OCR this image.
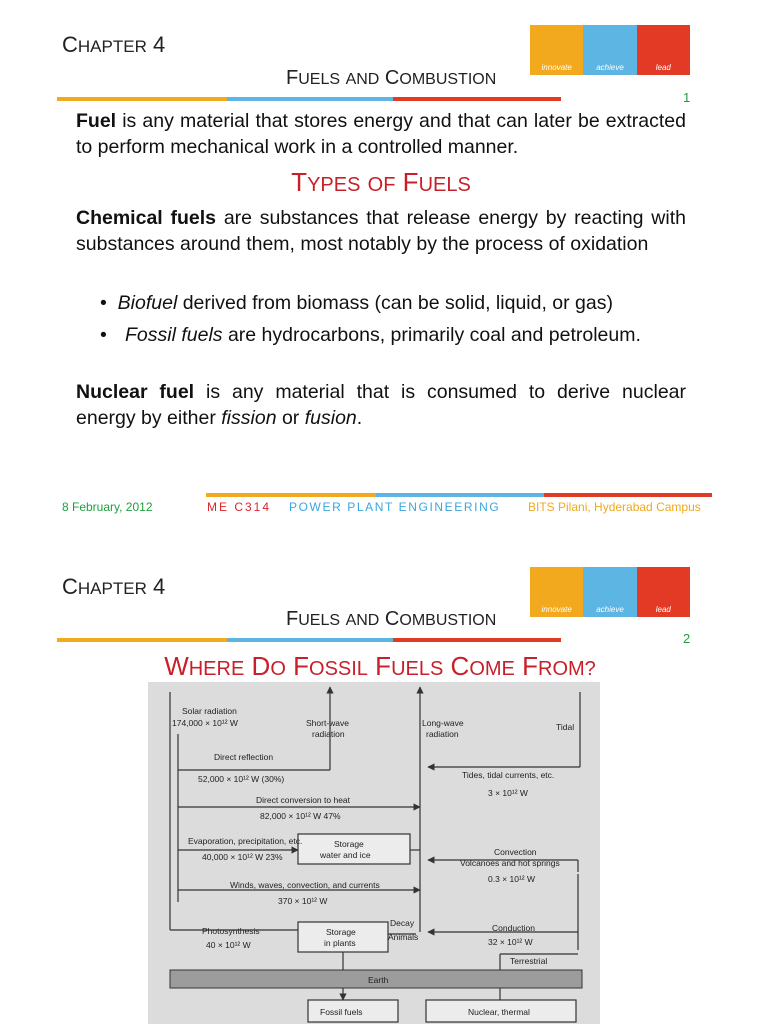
CHAPTER 4
FUELS AND COMBUSTION
innovate	achieve	lead
1
Fuel is any material that stores energy and that can later be extracted to perform mechanical work in a controlled manner.
TYPES OF FUELS
Chemical fuels are substances that release energy by reacting with substances around them, most notably by the process of oxidation
• Biofuel derived from biomass (can be solid, liquid, or gas)
• Fossil fuels are hydrocarbons, primarily coal and petroleum.
Nuclear fuel is any material that is consumed to derive nuclear energy by either fission or fusion.
8 February, 2012	ME C314 POWER PLANT ENGINEERING BITS Pilani, Hyderabad Campus
CHAPTER 4
FUELS AND COMBUSTION
innovate	achieve	lead
2
WHERE DO FOSSIL FUELS COME FROM?
Solar radiation
174,000 × 10¹² W	Short-wave
radiation
Long-wave
radiation
Tidal
Direct reflection
52,000 × 10¹² W (30%)	Tides, tidal currents, etc.
3 × 10¹² W
Direct conversion to heat
82,000 × 10¹² W 47%
Evaporation, precipitation, etc.
40,000 × 10¹² W 23%
Storage
water and ice	Convection
Volcanoes and hot springs
0.3 × 10¹² W
Winds, waves, convection, and currents
370 × 10¹² W
Photosynthesis
40 × 10¹² W
Storage
in plants
Decay
Animals
Conduction
32 × 10¹² W
Terrestrial
Earth
Fossil fuels	Nuclear, thermal
